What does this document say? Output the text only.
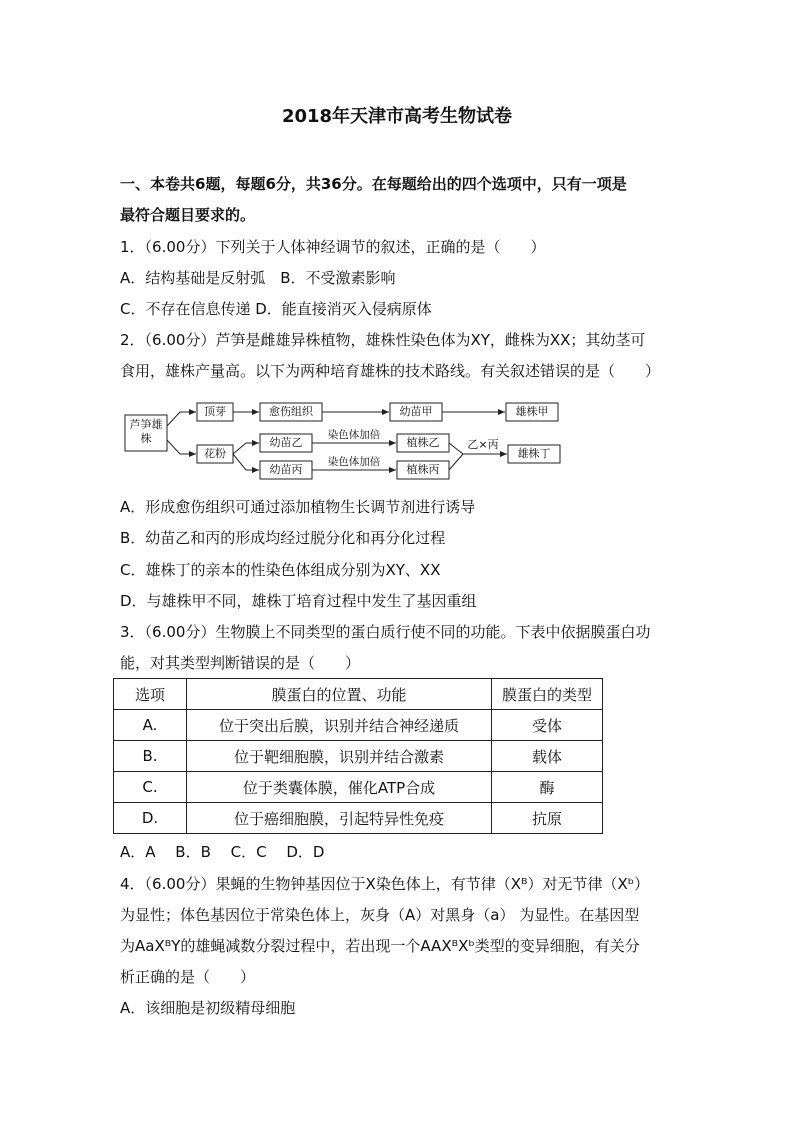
2018年天津市高考生物试卷
一、本卷共6题，每题6分，共36分。在每题给出的四个选项中，只有一项是
最符合题目要求的。
1．（6.00分）下列关于人体神经调节的叙述，正确的是（　　）
A．结构基础是反射弧　B．不受激素影响
C．不存在信息传递 D．能直接消灭入侵病原体
2．（6.00分）芦笋是雌雄异株植物，雄株性染色体为XY，雌株为XX；其幼茎可
食用，雄株产量高。以下为两种培育雄株的技术路线。有关叙述错误的是（　　）
芦笋雄株
顶芽	愈伤组织	幼苗甲	雄株甲
花粉
幼苗乙
幼苗丙
染色体加倍
染色体加倍
植株乙
植株丙
乙×丙
雄株丁
A．形成愈伤组织可通过添加植物生长调节剂进行诱导
B．幼苗乙和丙的形成均经过脱分化和再分化过程
C．雄株丁的亲本的性染色体组成分别为XY、XX
D．与雄株甲不同，雄株丁培育过程中发生了基因重组
3．（6.00分）生物膜上不同类型的蛋白质行使不同的功能。下表中依据膜蛋白功
能，对其类型判断错误的是（　　）
选项	膜蛋白的位置、功能	膜蛋白的类型
A.	位于突出后膜，识别并结合神经递质	受体
B.	位于靶细胞膜，识别并结合激素	载体
C.	位于类囊体膜，催化ATP合成	酶
D.	位于癌细胞膜，引起特异性免疫	抗原
A．A　 B．B　 C．C　 D．D
4．（6.00分）果蝇的生物钟基因位于X染色体上，有节律（Xᴮ）对无节律（Xᵇ）
为显性；体色基因位于常染色体上，灰身（A）对黑身（a） 为显性。在基因型
为AaXᴮY的雄蝇减数分裂过程中，若出现一个AAXᴮXᵇ类型的变异细胞，有关分
析正确的是（　　）
A．该细胞是初级精母细胞
